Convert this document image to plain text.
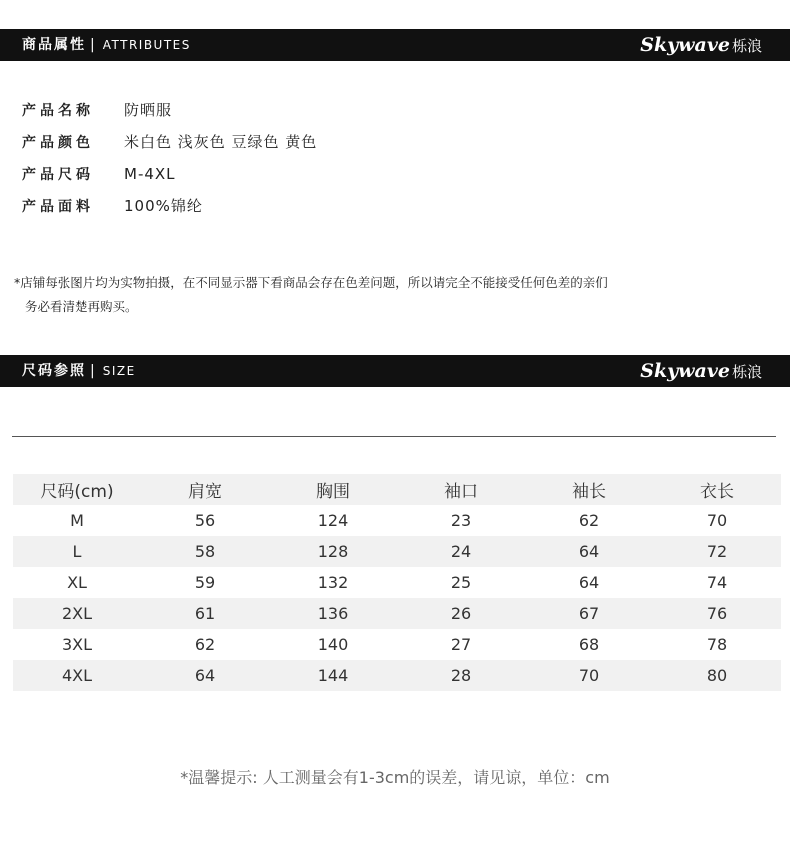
商品属性 | ATTRIBUTES	Skywave 栎浪
产品名称 防晒服
产品颜色 米白色 浅灰色 豆绿色 黄色
产品尺码 M-4XL
产品面料 100%锦纶
*店铺每张图片均为实物拍摄，在不同显示器下看商品会存在色差问题，所以请完全不能接受任何色差的亲们
务必看清楚再购买。
尺码参照 | SIZE	Skywave 栎浪
尺码(cm)	肩宽	胸围	袖口	袖长	衣长
M	56	124	23	62	70
L	58	128	24	64	72
XL	59	132	25	64	74
2XL	61	136	26	67	76
3XL	62	140	27	68	78
4XL	64	144	28	70	80
*温馨提示: 人工测量会有1-3cm的误差，请见谅，单位：cm
